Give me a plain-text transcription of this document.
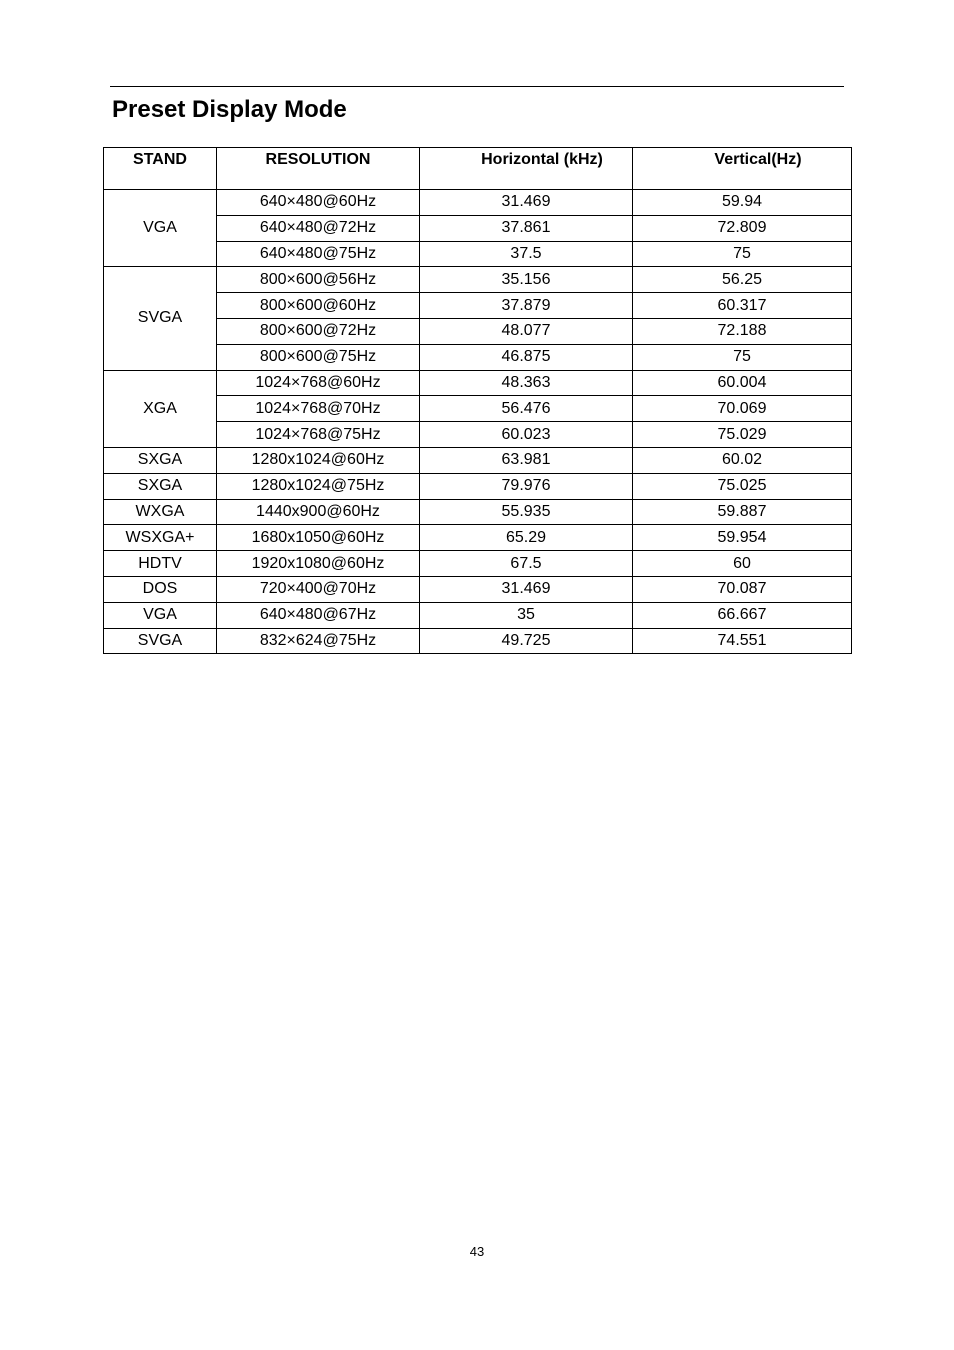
Preset Display Mode
STAND	RESOLUTION	Horizontal (kHz)	Vertical(Hz)
VGA	640×480@60Hz	31.469	59.94
	640×480@72Hz	37.861	72.809
	640×480@75Hz	37.5	75
SVGA	800×600@56Hz	35.156	56.25
	800×600@60Hz	37.879	60.317
	800×600@72Hz	48.077	72.188
	800×600@75Hz	46.875	75
XGA	1024×768@60Hz	48.363	60.004
	1024×768@70Hz	56.476	70.069
	1024×768@75Hz	60.023	75.029
SXGA	1280x1024@60Hz	63.981	60.02
SXGA	1280x1024@75Hz	79.976	75.025
WXGA	1440x900@60Hz	55.935	59.887
WSXGA+	1680x1050@60Hz	65.29	59.954
HDTV	1920x1080@60Hz	67.5	60
DOS	720×400@70Hz	31.469	70.087
VGA	640×480@67Hz	35	66.667
SVGA	832×624@75Hz	49.725	74.551
43
